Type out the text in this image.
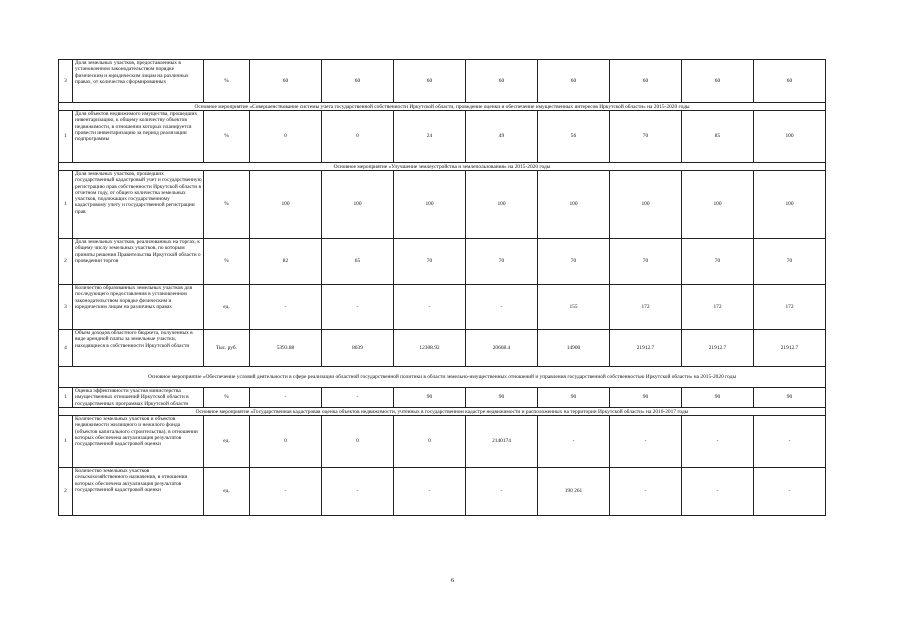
3	Доля земельных участков, предоставленных в установленном законодательством порядке физическим и юридическим лицам на различных правах, от количества сформированных	%	60	60	60	60	60	60	60	60
Основное мероприятие «Совершенствование системы учета государственной собственности Иркутской области, проведение оценки и обеспечение имущественных интересов Иркутской области» на 2015-2020 годы										
1	Доля объектов недвижимого имущества, прошедших инвентаризацию, к общему количеству объектов недвижимости, в отношении которых планируется провести инвентаризацию за период реализации подпрограммы	%	0	0	24	49	56	70	85	100
Основное мероприятие «Улучшение землеустройства и землепользования» на 2015-2020 годы										
1	Доля земельных участков, прошедших государственный кадастровый учет и государственную регистрацию прав собственности Иркутской области в отчетном году, от общего количества земельных участков, подлежащих государственному кадастровому учету и государственной регистрации прав	%	100	100	100	100	100	100	100	100
2	Доля земельных участков, реализованных на торгах, к общему числу земельных участков, по которым приняты решения Правительства Иркутской области о проведении торгов	%	82	65	70	70	70	70	70	70
3	Количество образованных земельных участков для последующего предоставления в установленном законодательством порядке физическим и юридическим лицам на различных правах	ед.	-	-	-	-	155	172	172	172
4	Объем доходов областного бюджета, полученных в виде арендной платы за земельные участки, находящиеся в собственности Иркутской области	Тыс. руб.	5393.88	8639	12308.92	20668.4	14900	21912.7	21912.7	21912.7
Основное мероприятие «Обеспечение условий деятельности в сфере реализации областной государственной политики в области земельно-имущественных отношений и управления государственной собственностью Иркутской области» на 2015-2020 годы										
1	Оценка эффективности участия министерства имущественных отношений Иркутской области в государственных программах Иркутской области	%	-	-	90	90	90	90	90	90
Основное мероприятие «Государственная кадастровая оценка объектов недвижимости, учтенных в государственном кадастре недвижимости и расположенных на территории Иркутской области» на 2016-2017 годы										
1	Количество земельных участков и объектов недвижимости жилищного и нежилого фонда (объектов капитального строительства), в отношении которых обеспечена актуализация результатов государственной кадастровой оценки	ед.	0	0	0	2140174	-	-	-	-
2	Количество земельных участков сельскохозяйственного назначения, в отношении которых обеспечена актуализация результатов государственной кадастровой оценки	ед.	-	-	-	-	190 261	-	-	-
6
